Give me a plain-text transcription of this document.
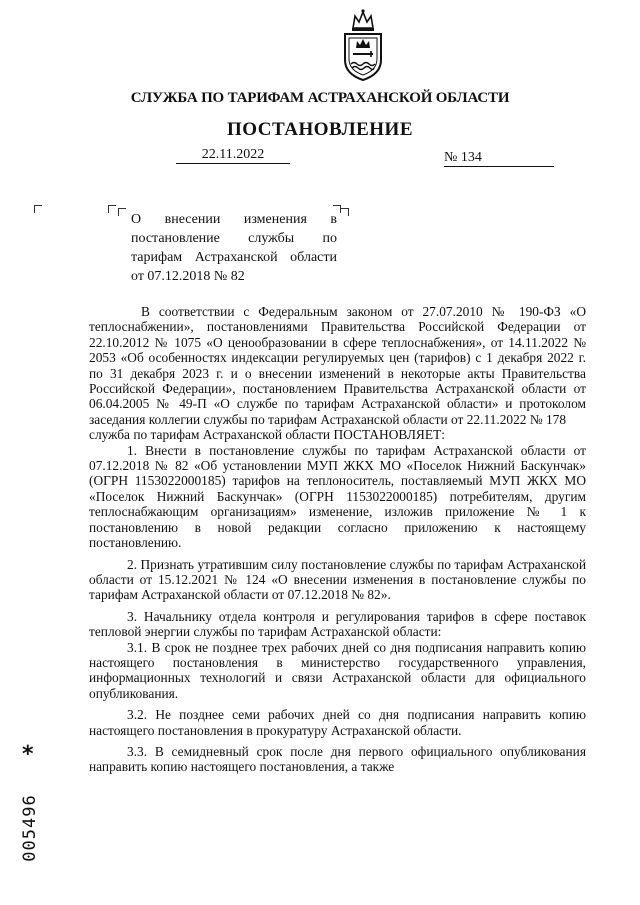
СЛУЖБА ПО ТАРИФАМ АСТРАХАНСКОЙ ОБЛАСТИ
ПОСТАНОВЛЕНИЕ
22.11.2022	№ 134

О внесении изменения в

постановление службы по

тарифам Астраханской области

от 07.12.2018 № 82

В соответствии с Федеральным законом от 27.07.2010 № 190-ФЗ «О теплоснабжении», постановлениями Правительства Российской Федерации от 22.10.2012 № 1075 «О ценообразовании в сфере теплоснабжения», от 14.11.2022 № 2053 «Об особенностях индексации регулируемых цен (тарифов) с 1 декабря 2022 г. по 31 декабря 2023 г. и о внесении изменений в некоторые акты Правительства Российской Федерации», постановлением Правительства Астраханской области от 06.04.2005 № 49-П «О службе по тарифам Астраханской области» и протоколом заседания коллегии службы по тарифам Астраханской области от 22.11.2022 № 178

служба по тарифам Астраханской области ПОСТАНОВЛЯЕТ:

1. Внести в постановление службы по тарифам Астраханской области от 07.12.2018 № 82 «Об установлении МУП ЖКХ МО «Поселок Нижний Баскунчак» (ОГРН 1153022000185) тарифов на теплоноситель, поставляемый МУП ЖКХ МО «Поселок Нижний Баскунчак» (ОГРН 1153022000185) потребителям, другим теплоснабжающим организациям» изменение, изложив приложение № 1 к постановлению в новой редакции согласно приложению к настоящему постановлению.

2. Признать утратившим силу постановление службы по тарифам Астраханской области от 15.12.2021 № 124 «О внесении изменения в постановление службы по тарифам Астраханской области от 07.12.2018 № 82».

3. Начальнику отдела контроля и регулирования тарифов в сфере поставок тепловой энергии службы по тарифам Астраханской области:

3.1. В срок не позднее трех рабочих дней со дня подписания направить копию настоящего постановления в министерство государственного управления, информационных технологий и связи Астраханской области для официального опубликования.

3.2. Не позднее семи рабочих дней со дня подписания направить копию настоящего постановления в прокуратуру Астраханской области.

3.3. В семидневный срок после дня первого официального опубликования направить копию настоящего постановления, а также

*
005496
